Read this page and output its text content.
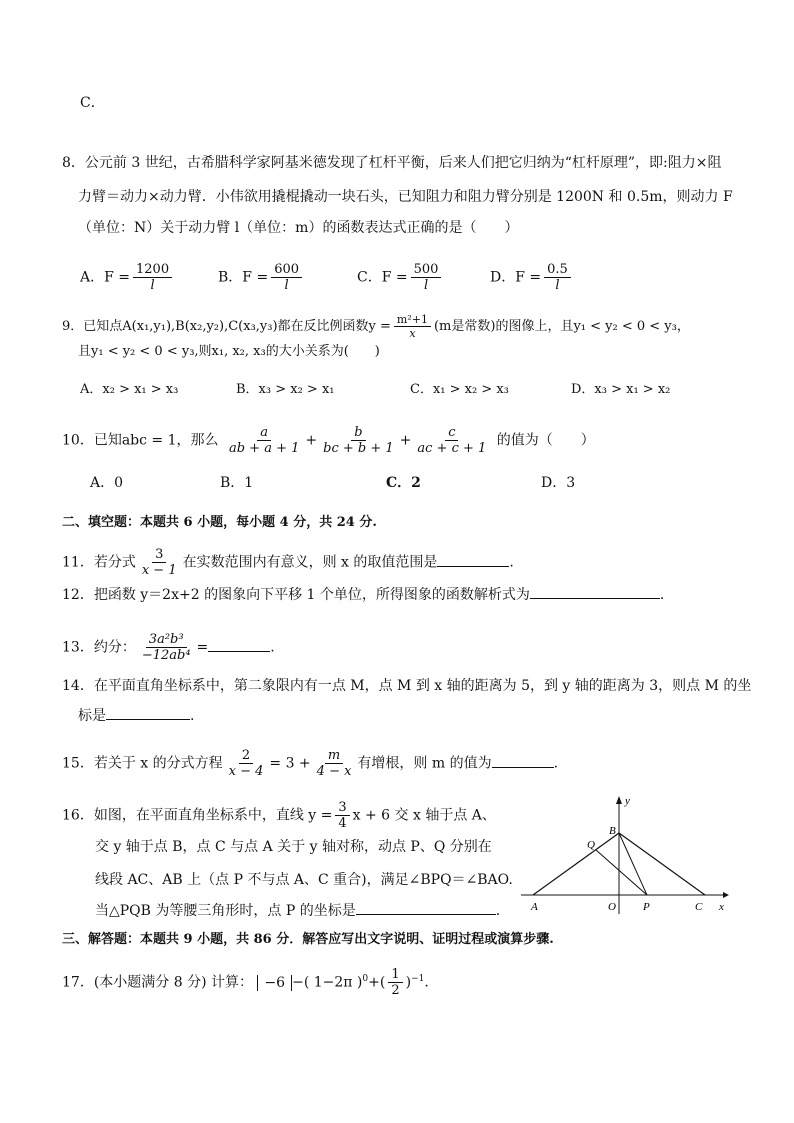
C．
8．公元前 3 世纪，古希腊科学家阿基米德发现了杠杆平衡，后来人们把它归纳为“杠杆原理”，即:阻力×阻
力臂＝动力×动力臂．小伟欲用撬棍撬动一块石头，已知阻力和阻力臂分别是 1200N 和 0.5m，则动力 F
（单位：N）关于动力臂 l（单位：m）的函数表达式正确的是（　　）
A．$F = \frac{1200}{l}$	B．$F = \frac{600}{l}$	C．$F = \frac{500}{l}$	D．$F = \frac{0.5}{l}$
9．已知点A(x₁,y₁),B(x₂,y₂),C(x₃,y₃)都在反比例函数$y = \frac{\text{m²+1}}{x} (m$是常数)的图像上，且y₁ < y₂ < 0 < y₃，
且y₁ < y₂ < 0 < y₃,则x₁, x₂, x₃的大小关系为(　　)
A．x₂ > x₁ > x₃	B．x₃ > x₂ > x₁	C．x₁ > x₂ > x₃	D．x₃ > x₁ > x₂
10．已知abc = 1，那么 $\frac{a}{ab + a + 1} + \frac{b}{bc + b + 1} + \frac{c}{ac + c + 1}$ 的值为（　　）
A．0	B．1	C．2	D．3
二、填空题：本题共 6 小题，每小题 4 分，共 24 分.
11．若分式 $\frac{3}{x - 1}$ 在实数范围内有意义，则 x 的取值范围是	.
12．把函数 y＝2x+2 的图象向下平移 1 个单位，所得图象的函数解析式为	.
13．约分： $\frac{\text{3a²b³}}{\text{−12ab⁴}}$ =	.
14．在平面直角坐标系中，第二象限内有一点 M，点 M 到 x 轴的距离为 5，到 y 轴的距离为 3，则点 M 的坐
标是	.
15．若关于 x 的分式方程 $\frac{2}{x - 4} = 3 + \frac{m}{4 - x}$ 有增根，则 m 的值为	.
16．如图，在平面直角坐标系中，直线 $y = \frac{3}{4}$ x + 6 交 x 轴于点 A、
交 y 轴于点 B，点 C 与点 A 关于 y 轴对称，动点 P、Q 分别在
线段 AC、AB 上（点 P 不与点 A、C 重合)，满足∠BPQ＝∠BAO.
当△PQB 为等腰三角形时，点 P 的坐标是	.
y
x
A
B
C
O P
Q
三、解答题：本题共 9 小题，共 86 分．解答应写出文字说明、证明过程或演算步骤.
17．(本小题满分 8 分) 计算： −6 −( 1−2π )$^0+( \frac{1}{2} )^{-1}$.
